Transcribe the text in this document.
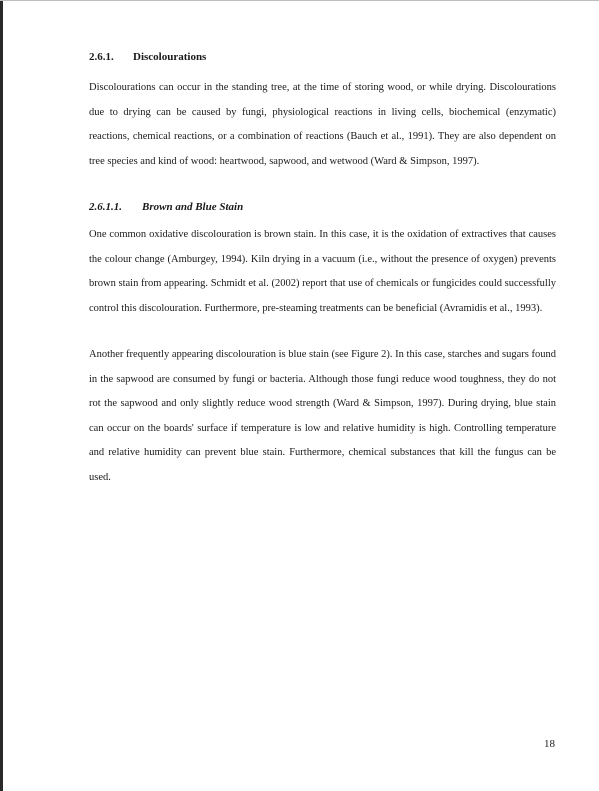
2.6.1. Discolourations

Discolourations can occur in the standing tree, at the time of storing wood, or while drying. Discolourations due to drying can be caused by fungi, physiological reactions in living cells, biochemical (enzymatic) reactions, chemical reactions, or a combination of reactions (Bauch et al., 1991). They are also dependent on tree species and kind of wood: heartwood, sapwood, and wetwood (Ward & Simpson, 1997).

2.6.1.1. Brown and Blue Stain

One common oxidative discolouration is brown stain. In this case, it is the oxidation of extractives that causes the colour change (Amburgey, 1994). Kiln drying in a vacuum (i.e., without the presence of oxygen) prevents brown stain from appearing. Schmidt et al. (2002) report that use of chemicals or fungicides could successfully control this discolouration. Furthermore, pre-steaming treatments can be beneficial (Avramidis et al., 1993).

Another frequently appearing discolouration is blue stain (see Figure 2). In this case, starches and sugars found in the sapwood are consumed by fungi or bacteria. Although those fungi reduce wood toughness, they do not rot the sapwood and only slightly reduce wood strength (Ward & Simpson, 1997). During drying, blue stain can occur on the boards' surface if temperature is low and relative humidity is high. Controlling temperature and relative humidity can prevent blue stain. Furthermore, chemical substances that kill the fungus can be used.

18
